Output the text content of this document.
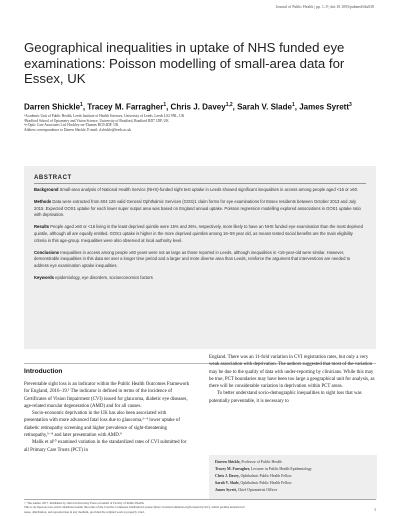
Journal of Public Health | pp. 1–9 | doi:10.1093/pubmed/fdu038
Geographical inequalities in uptake of NHS funded eye examinations: Poisson modelling of small-area data for Essex, UK
Darren Shickle$^1$, Tracey M. Farragher$^1$, Chris J. Davey$^{1,2}$, Sarah V. Slade$^1$, James Syrett$^3$
¹Academic Unit of Public Health, Leeds Institute of Health Sciences, University of Leeds, Leeds LS2 9NL, UK
²Bradford School of Optometry and Vision Science, University of Bradford, Bradford BD7 1DP, UK
³e-Optic Care Associates Ltd, Hockley-on-Thames RG9 4DF, UK
Address correspondence to Darren Shickle, E-mail: d.shickle@leeds.ac.uk
ABSTRACT
Background Small-area analysis of National Health Service (NHS)-funded sight test uptake in Leeds showed significant inequalities in access among people aged <16 or ≥60.
Methods Data were extracted from 604 126 valid General Ophthalmic Services (GOS)1 claim forms for eye examinations for Essex residents between October 2013 and July 2015. Expected GOS1 uptake for each lower super output area was based on England annual uptake. Poisson regression modelling explored associations in GOS1 uptake ratio with deprivation.
Results People aged ≥60 or <16 living in the least deprived quintile were 15% and 26%, respectively, more likely to have an NHS funded eye examination than the most deprived quintile, although all are equally entitled. GOS1 uptake is higher in the more deprived quintiles among 16–59 year old, as means tested social benefits are the main eligibility criteria in this age-group. Inequalities were also observed at local authority level.
Conclusions Inequalities in access among people ≥60 years were not as large as those reported in Leeds, although inequalities in <16-year-old were similar. However, demonstrable inequalities in this data set over a longer time period and a larger and more diverse area than Leeds, reinforce the argument that interventions are needed to address eye examination uptake inequalities.
Keywords epidemiology, eye disorders, socioeconomics factors
Introduction

Preventable sight loss is an indicator within the Public Health Outcomes Framework for England, 2016–19.¹ The indicator is defined in terms of the incidence of Certificates of Vision Impairment (CVI) issued for glaucoma, diabetic eye diseases, age-related macular degeneration (AMD) and for all causes.

Socio-economic deprivation in the UK has also been associated with presentation with more advanced fatal loss due to glaucoma,²⁻⁴ lower uptake of diabetic retinopathy screening and higher prevalence of sight-threatening retinopathy,⁵⁻⁸ and later presentation with AMD.⁹

Malik et al¹⁰ examined variation in the standardized rates of CVI submitted for all Primary Care Trusts (PCT) in

England. There was an 11-fold variation in CVI registration rates, but only a very weak association with deprivation. The authors suggested that most of the variation may be due to the quality of data with under-reporting by clinicians. While this may be true, PCT boundaries may have been too large a geographical unit for analysis, as there will be considerable variation in deprivation within PCT areas.

To better understand socio-demographic inequalities in sight loss that was potentially preventable, it is necessary to

Darren Shickle, Professor of Public Health
Tracey M. Farragher, Lecturer in Public Health Epidemiology
Chris J. Davey, Ophthalmic Public Health Fellow
Sarah V. Slade, Ophthalmic Public Health Fellow
James Syrett, Chief Optometrist Officer
© The Author 2017. Published by Oxford University Press on behalf of Faculty of Public Health.
This is an Open Access article distributed under the terms of the Creative Commons Attribution License (http://creativecommons.org/licenses/by/4.0/), which permits unrestricted
reuse, distribution, and reproduction in any medium, provided the original work is properly cited.	1
